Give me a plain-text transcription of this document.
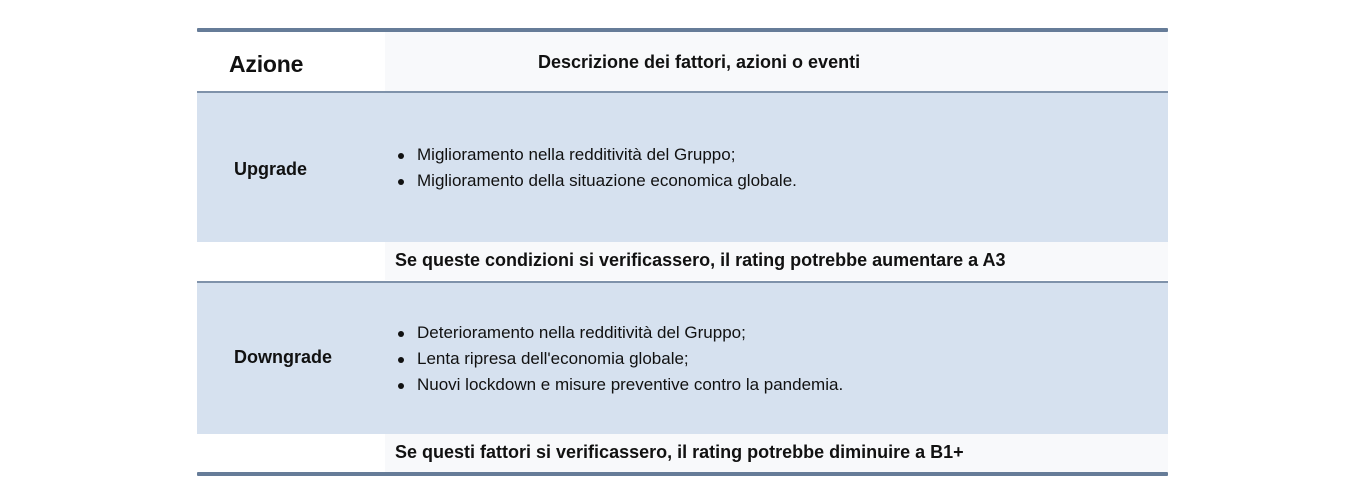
Azione	Descrizione dei fattori, azioni o eventi
Upgrade
Miglioramento nella redditività del Gruppo;
Miglioramento della situazione economica globale.
Se queste condizioni si verificassero, il rating potrebbe aumentare a A3
Downgrade
Deterioramento nella redditività del Gruppo;
Lenta ripresa dell'economia globale;
Nuovi lockdown e misure preventive contro la pandemia.
Se questi fattori si verificassero, il rating potrebbe diminuire a B1+
